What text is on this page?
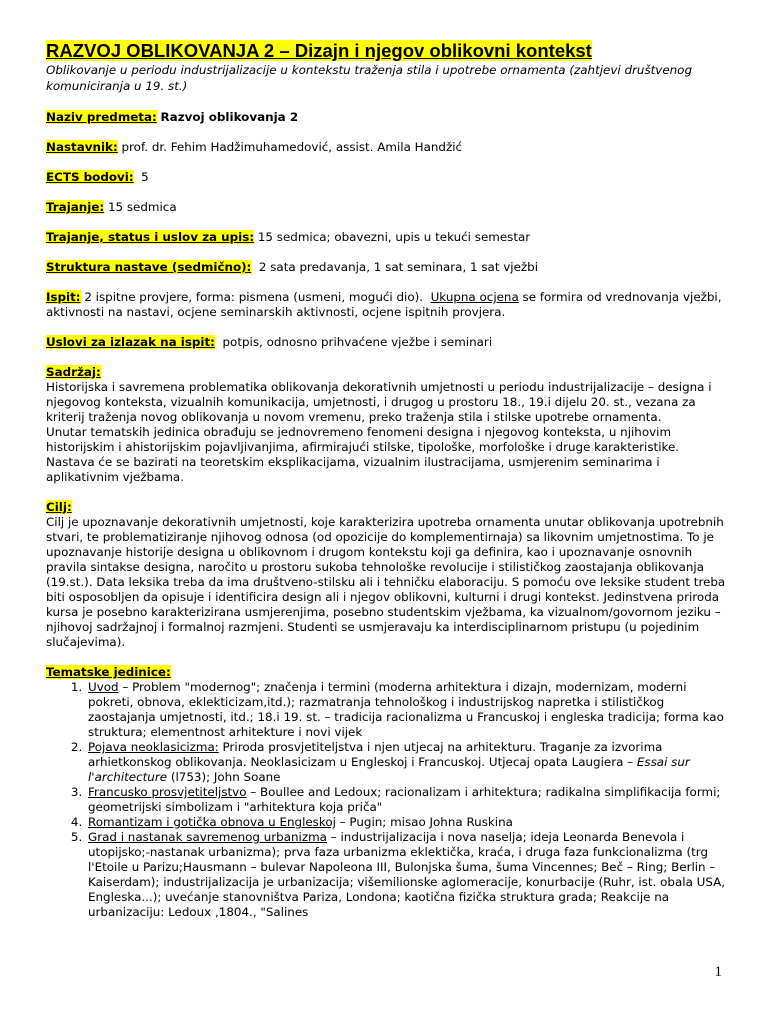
RAZVOJ OBLIKOVANJA 2 – Dizajn i njegov oblikovni kontekst

Oblikovanje u periodu industrijalizacije u kontekstu traženja stila i upotrebe ornamenta (zahtjevi društvenog komuniciranja u 19. st.)

Naziv predmeta: Razvoj oblikovanja 2

Nastavnik: prof. dr. Fehim Hadžimuhamedović, assist. Amila Handžić

ECTS bodovi: 5

Trajanje: 15 sedmica

Trajanje, status i uslov za upis: 15 sedmica; obavezni, upis u tekući semestar

Struktura nastave (sedmično): 2 sata predavanja, 1 sat seminara, 1 sat vježbi

Ispit: 2 ispitne provjere, forma: pismena (usmeni, mogući dio). Ukupna ocjena se formira od vrednovanja vježbi, aktivnosti na nastavi, ocjene seminarskih aktivnosti, ocjene ispitnih provjera.

Uslovi za izlazak na ispit: potpis, odnosno prihvaćene vježbe i seminari

Sadržaj:

Historijska i savremena problematika oblikovanja dekorativnih umjetnosti u periodu industrijalizacije – designa i njegovog konteksta, vizualnih komunikacija, umjetnosti, i drugog u prostoru 18., 19.i dijelu 20. st., vezana za kriterij traženja novog oblikovanja u novom vremenu, preko traženja stila i stilske upotrebe ornamenta.

Unutar tematskih jedinica obrađuju se jednovremeno fenomeni designa i njegovog konteksta, u njihovim historijskim i ahistorijskim pojavljivanjima, afirmirajući stilske, tipološke, morfološke i druge karakteristike. Nastava će se bazirati na teoretskim eksplikacijama, vizualnim ilustracijama, usmjerenim seminarima i aplikativnim vježbama.

Cilj:

Cilj je upoznavanje dekorativnih umjetnosti, koje karakterizira upotreba ornamenta unutar oblikovanja upotrebnih stvari, te problematiziranje njihovog odnosa (od opozicije do komplementirnaja) sa likovnim umjetnostima. To je upoznavanje historije designa u oblikovnom i drugom kontekstu koji ga definira, kao i upoznavanje osnovnih pravila sintakse designa, naročito u prostoru sukoba tehnološke revolucije i stilističkog zaostajanja oblikovanja (19.st.). Data leksika treba da ima društveno-stilsku ali i tehničku elaboraciju. S pomoću ove leksike student treba biti osposobljen da opisuje i identificira design ali i njegov oblikovni, kulturni i drugi kontekst. Jedinstvena priroda kursa je posebno karakterizirana usmjerenjima, posebno studentskim vježbama, ka vizualnom/govornom jeziku – njihovoj sadržajnoj i formalnoj razmjeni. Studenti se usmjeravaju ka interdisciplinarnom pristupu (u pojedinim slučajevima).

Tematske jedinice:

1. Uvod – Problem "modernog"; značenja i termini (moderna arhitektura i dizajn, modernizam, moderni pokreti, obnova, eklekticizam,itd.); razmatranja tehnološkog i industrijskog napretka i stilističkog zaostajanja umjetnosti, itd.; 18.i 19. st. – tradicija racionalizma u Francuskoj i engleska tradicija; forma kao struktura; elementnost arhitekture i novi vijek
2. Pojava neoklasicizma: Priroda prosvjetiteljstva i njen utjecaj na arhitekturu. Traganje za izvorima arhietkonskog oblikovanja. Neoklasicizam u Engleskoj i Francuskoj. Utjecaj opata Laugiera – Essai sur l'architecture (l753); John Soane
3. Francusko prosvjetiteljstvo – Boullee and Ledoux; racionalizam i arhitektura; radikalna simplifikacija formi; geometrijski simbolizam i "arhitektura koja priča"
4. Romantizam i gotička obnova u Engleskoj – Pugin; misao Johna Ruskina
5. Grad i nastanak savremenog urbanizma – industrijalizacija i nova naselja; ideja Leonarda Benevola i utopijsko;-nastanak urbanizma); prva faza urbanizma eklektička, kraća, i druga faza funkcionalizma (trg l'Etoile u Parizu;Hausmann – bulevar Napoleona III, Bulonjska šuma, šuma Vincennes; Beč – Ring; Berlin – Kaiserdam); industrijalizacija je urbanizacija; višemilionske aglomeracije, konurbacije (Ruhr, ist. obala USA, Engleska...); uvećanje stanovništva Pariza, Londona; kaotična fizička struktura grada; Reakcije na urbanizaciju: Ledoux ,1804., "Salines
1
